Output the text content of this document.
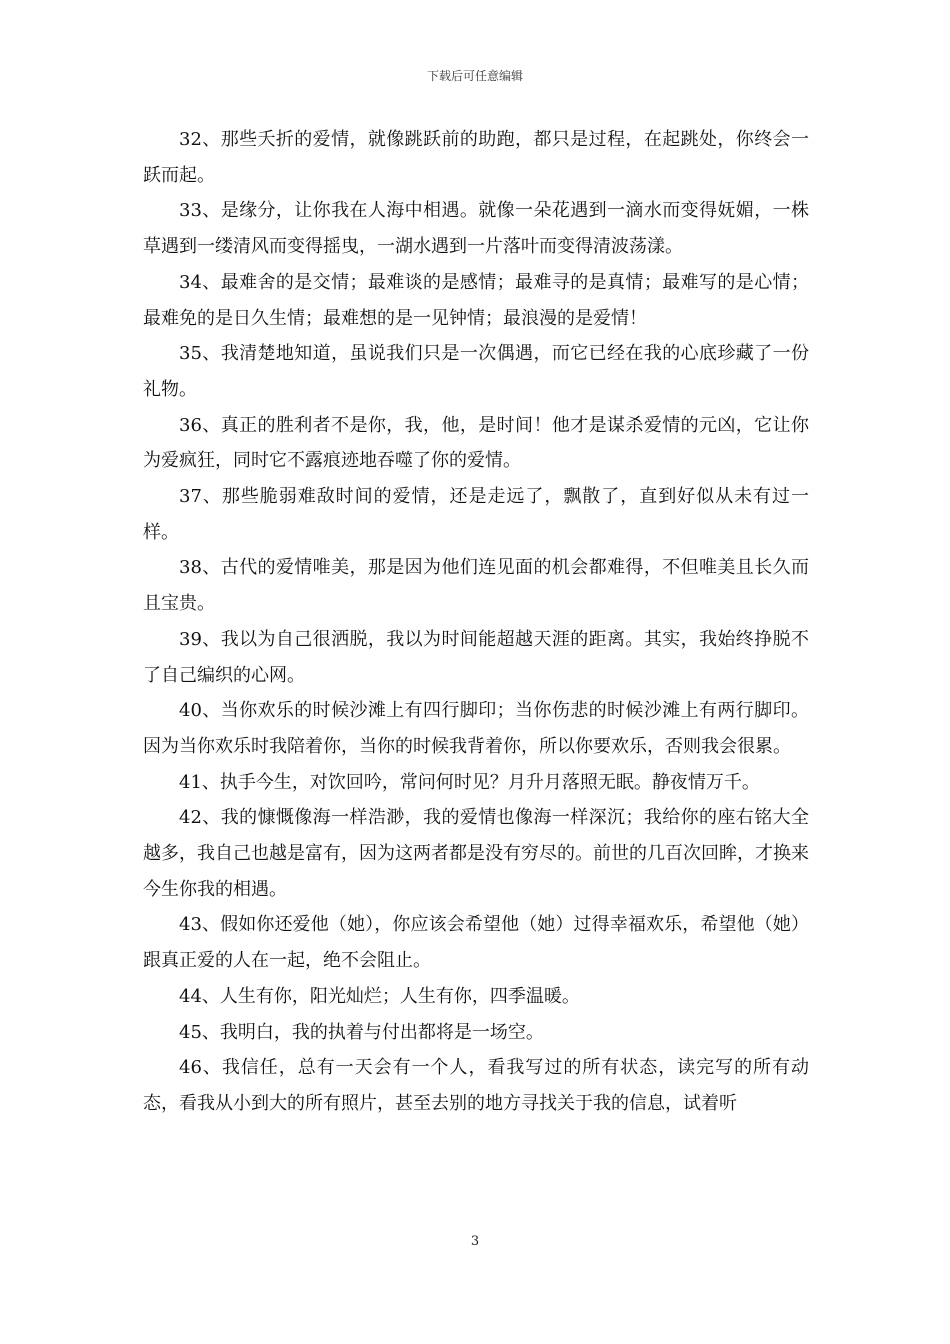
下载后可任意编辑

32、那些夭折的爱情，就像跳跃前的助跑，都只是过程，在起跳处，你终会一跃而起。

33、是缘分，让你我在人海中相遇。就像一朵花遇到一滴水而变得妩媚，一株草遇到一缕清风而变得摇曳，一湖水遇到一片落叶而变得清波荡漾。

34、最难舍的是交情；最难谈的是感情；最难寻的是真情；最难写的是心情；最难免的是日久生情；最难想的是一见钟情；最浪漫的是爱情！

35、我清楚地知道，虽说我们只是一次偶遇，而它已经在我的心底珍藏了一份礼物。

36、真正的胜利者不是你，我，他，是时间！他才是谋杀爱情的元凶，它让你为爱疯狂，同时它不露痕迹地吞噬了你的爱情。

37、那些脆弱难敌时间的爱情，还是走远了，飘散了，直到好似从未有过一样。

38、古代的爱情唯美，那是因为他们连见面的机会都难得，不但唯美且长久而且宝贵。

39、我以为自己很洒脱，我以为时间能超越天涯的距离。其实，我始终挣脱不了自己编织的心网。

40、当你欢乐的时候沙滩上有四行脚印；当你伤悲的时候沙滩上有两行脚印。因为当你欢乐时我陪着你，当你的时候我背着你，所以你要欢乐，否则我会很累。

41、执手今生，对饮回吟，常问何时见？月升月落照无眠。静夜情万千。

42、我的慷慨像海一样浩渺，我的爱情也像海一样深沉；我给你的座右铭大全越多，我自己也越是富有，因为这两者都是没有穷尽的。前世的几百次回眸，才换来今生你我的相遇。

43、假如你还爱他（她），你应该会希望他（她）过得幸福欢乐，希望他（她）跟真正爱的人在一起，绝不会阻止。

44、人生有你，阳光灿烂；人生有你，四季温暖。

45、我明白，我的执着与付出都将是一场空。

46、我信任，总有一天会有一个人，看我写过的所有状态，读完写的所有动态，看我从小到大的所有照片，甚至去别的地方寻找关于我的信息，试着听

3
